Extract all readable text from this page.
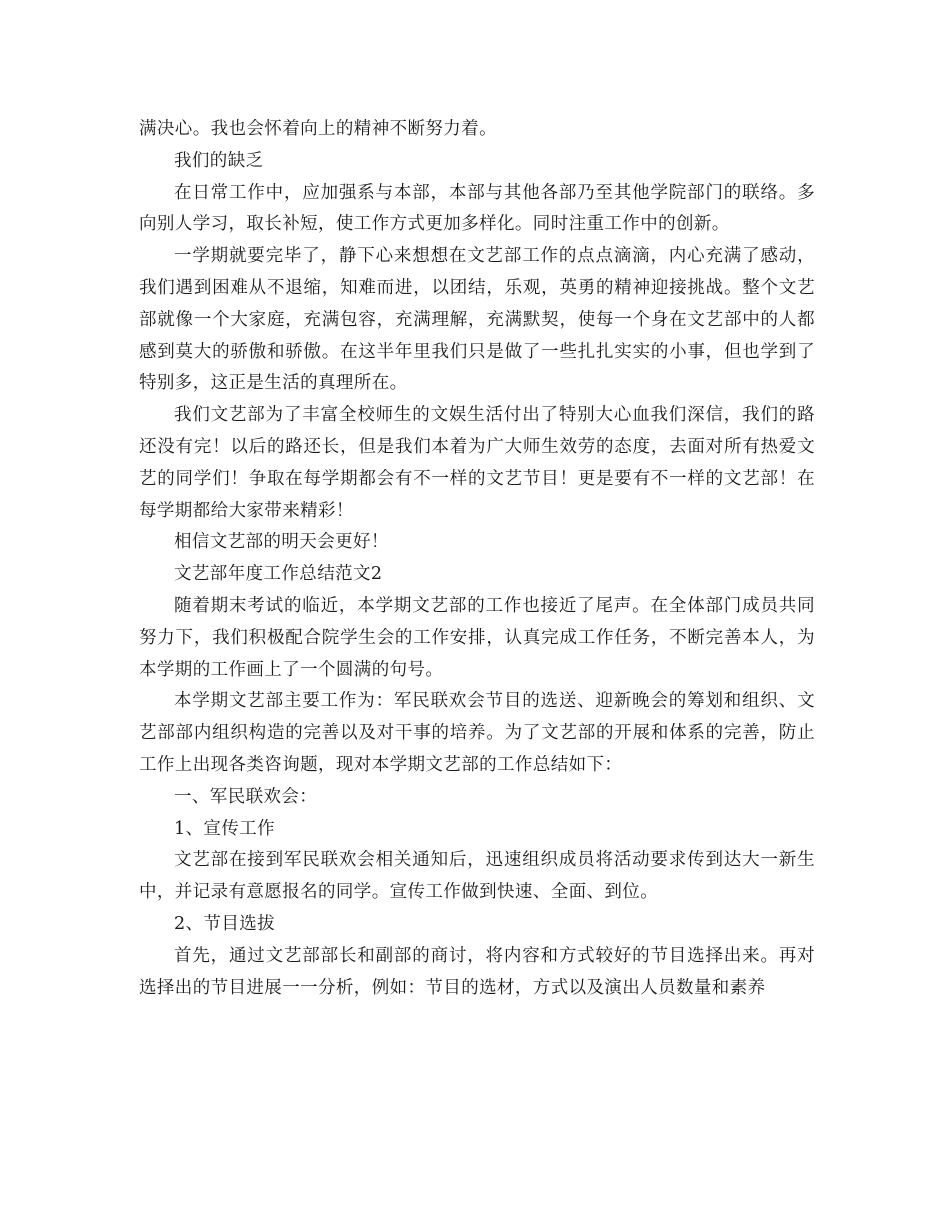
满决心。我也会怀着向上的精神不断努力着。

我们的缺乏

在日常工作中，应加强系与本部，本部与其他各部乃至其他学院部门的联络。多向别人学习，取长补短，使工作方式更加多样化。同时注重工作中的创新。

一学期就要完毕了，静下心来想想在文艺部工作的点点滴滴，内心充满了感动，我们遇到困难从不退缩，知难而进，以团结，乐观，英勇的精神迎接挑战。整个文艺部就像一个大家庭，充满包容，充满理解，充满默契，使每一个身在文艺部中的人都感到莫大的骄傲和骄傲。在这半年里我们只是做了一些扎扎实实的小事，但也学到了特别多，这正是生活的真理所在。

我们文艺部为了丰富全校师生的文娱生活付出了特别大心血我们深信，我们的路还没有完！以后的路还长，但是我们本着为广大师生效劳的态度，去面对所有热爱文艺的同学们！争取在每学期都会有不一样的文艺节目！更是要有不一样的文艺部！在每学期都给大家带来精彩！

相信文艺部的明天会更好！

文艺部年度工作总结范文2

随着期末考试的临近，本学期文艺部的工作也接近了尾声。在全体部门成员共同努力下，我们积极配合院学生会的工作安排，认真完成工作任务，不断完善本人，为本学期的工作画上了一个圆满的句号。

本学期文艺部主要工作为：军民联欢会节目的选送、迎新晚会的筹划和组织、文艺部部内组织构造的完善以及对干事的培养。为了文艺部的开展和体系的完善，防止工作上出现各类咨询题，现对本学期文艺部的工作总结如下：

一、军民联欢会：

1、宣传工作

文艺部在接到军民联欢会相关通知后，迅速组织成员将活动要求传到达大一新生中，并记录有意愿报名的同学。宣传工作做到快速、全面、到位。

2、节目选拔

首先，通过文艺部部长和副部的商讨，将内容和方式较好的节目选择出来。再对选择出的节目进展一一分析，例如：节目的选材，方式以及演出人员数量和素养
